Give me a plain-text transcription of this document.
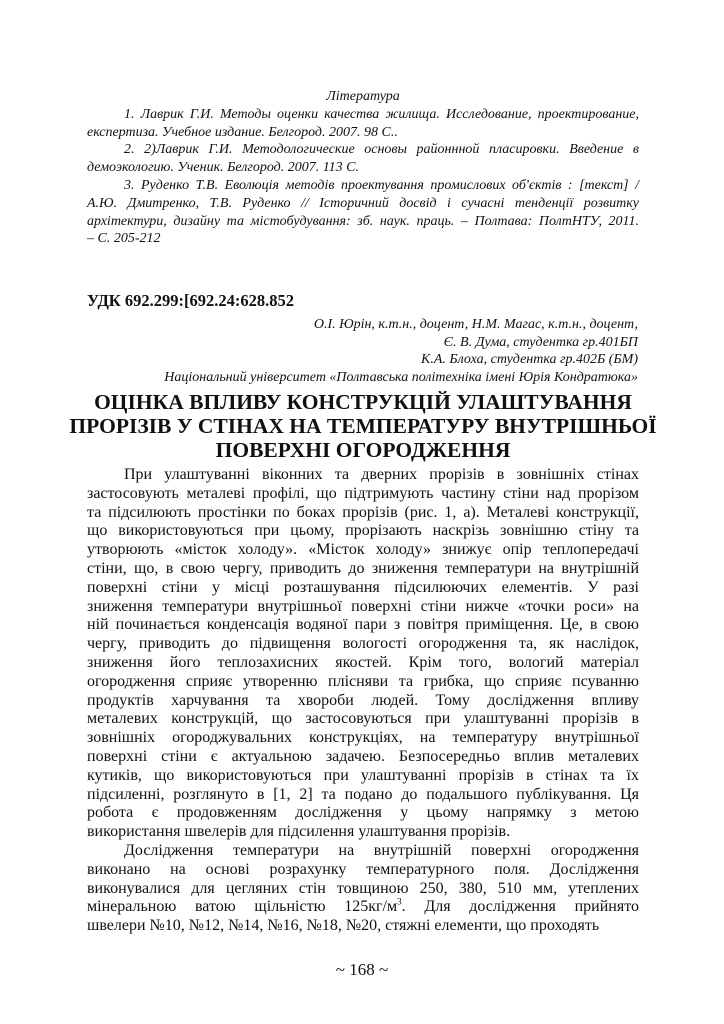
Література
1. Лаврик Г.И. Методы оценки качества жилища. Исследование, проектирование,
експертиза. Учебное издание. Белгород. 2007. 98 С..
2. 2)Лаврик Г.И. Методологические основы районнной пласировки. Введение в
демоэкологию. Ученик. Белгород. 2007. 113 С.
3. Руденко Т.В. Еволюція методів проектування промислових об'єктів : [текст] /
А.Ю. Дмитренко, Т.В. Руденко // Історичний досвід і сучасні тенденції розвитку
архітектури, дизайну та містобудування: зб. наук. праць. – Полтава: ПолтНТУ, 2011.
– С. 205-212
УДК 692.299:[692.24:628.852
О.І. Юрін, к.т.н., доцент, Н.М. Магас, к.т.н., доцент,
Є. В. Дума, студентка гр.401БП
К.А. Блоха, студентка гр.402Б (БМ)
Національний університет «Полтавська політехніка імені Юрія Кондратюка»
ОЦІНКА ВПЛИВУ КОНСТРУКЦІЙ УЛАШТУВАННЯ
ПРОРІЗІВ У СТІНАХ НА ТЕМПЕРАТУРУ ВНУТРІШНЬОЇ
ПОВЕРХНІ ОГОРОДЖЕННЯ
При улаштуванні віконних та дверних прорізів в зовнішніх стінах
застосовують металеві профілі, що підтримують частину стіни над прорізом
та підсилюють простінки по боках прорізів (рис. 1, а). Металеві конструкції,
що використовуються при цьому, прорізають наскрізь зовнішню стіну та
утворюють «місток холоду». «Місток холоду» знижує опір теплопередачі
стіни, що, в свою чергу, приводить до зниження температури на внутрішній
поверхні стіни у місці розташування підсилюючих елементів. У разі
зниження температури внутрішньої поверхні стіни нижче «точки роси» на
ній починається конденсація водяної пари з повітря приміщення. Це, в свою
чергу, приводить до підвищення вологості огородження та, як наслідок,
зниження його теплозахисних якостей. Крім того, вологий матеріал
огородження сприяє утворенню плісняви та грибка, що сприяє псуванню
продуктів харчування та хвороби людей. Тому дослідження впливу
металевих конструкцій, що застосовуються при улаштуванні прорізів в
зовнішніх огороджувальних конструкціях, на температуру внутрішньої
поверхні стіни є актуальною задачею. Безпосередньо вплив металевих
кутиків, що використовуються при улаштуванні прорізів в стінах та їх
підсиленні, розглянуто в [1, 2] та подано до подальшого публікування. Ця
робота є продовженням дослідження у цьому напрямку з метою
використання швелерів для підсилення улаштування прорізів.
Дослідження температури на внутрішній поверхні огородження
виконано на основі розрахунку температурного поля. Дослідження
виконувалися для цегляних стін товщиною 250, 380, 510 мм, утеплених
мінеральною ватою щільністю $125кг/м^3$. Для дослідження прийнято
швелери №10, №12, №14, №16, №18, №20, стяжні елементи, що проходять
~ 168 ~
